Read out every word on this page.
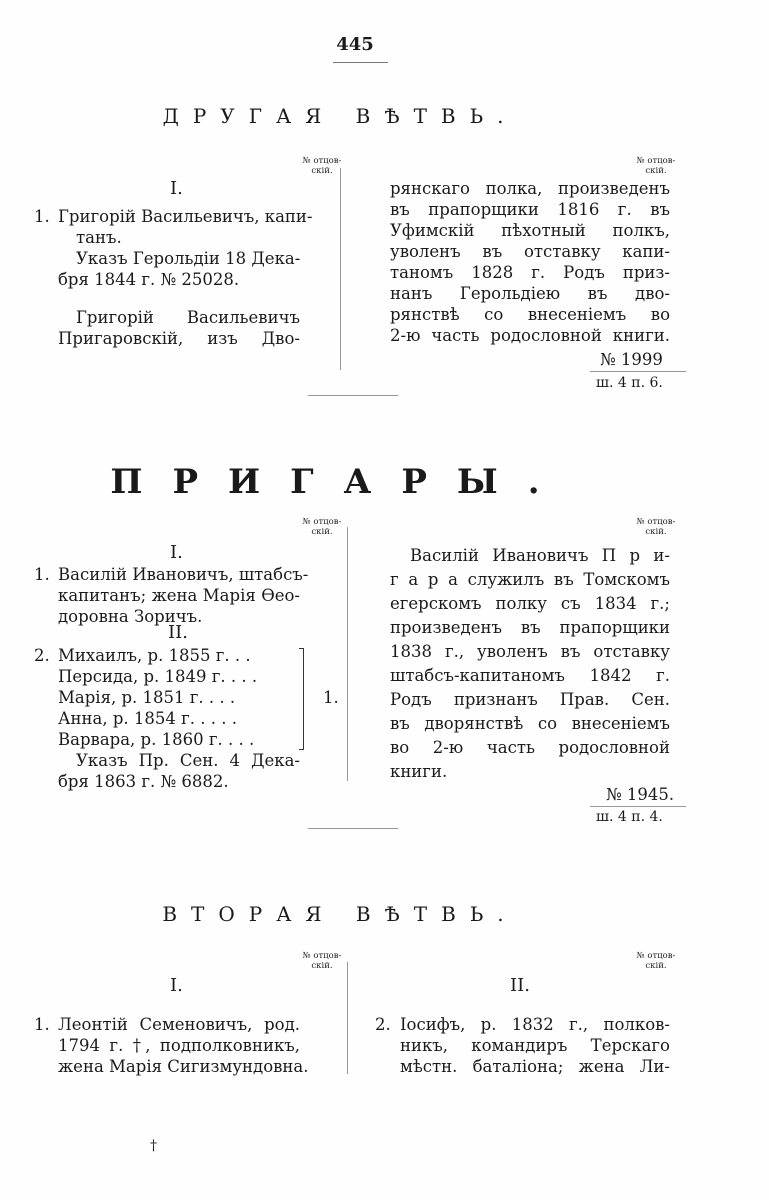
445
ДРУГАЯ ВѢТВЬ.
№ отцов-
скій.
№ отцов-
скій.
I.
1. Григорій Васильевичъ, капи-
танъ.
Указъ Герольдіи 18 Дека-
бря 1844 г. № 25028.
Григорій Васильевичъ
Пригаровскій, изъ Дво-
рянскаго полка, произведенъ
въ прапорщики 1816 г. въ
Уфимскій пѣхотный полкъ,
уволенъ въ отставку капи-
таномъ 1828 г. Родъ приз-
нанъ Герольдіею въ дво-
рянствѣ со внесеніемъ во
2-ю часть родословной книги.
№ 1999
ш. 4 п. 6.
ПРИГАРЫ.
№ отцов-
скій.
№ отцов-
скій.
I.
1. Василій Ивановичъ, штабсъ-
капитанъ; жена Марія Ѳео-
доровна Зоричъ.
II.
2. Михаилъ, р. 1855 г. . .
Персида, р. 1849 г. . . .
Марія, р. 1851 г. . . .
Анна, р. 1854 г. . . . .
Варвара, р. 1860 г. . . .
1.
Указъ Пр. Сен. 4 Дека-
бря 1863 г. № 6882.
Василій Ивановичъ П р и-
г а р а служилъ въ Томскомъ
егерскомъ полку съ 1834 г.;
произведенъ въ прапорщики
1838 г., уволенъ въ отставку
штабсъ-капитаномъ 1842 г.
Родъ признанъ Прав. Сен.
въ дворянствѣ со внесеніемъ
во 2-ю часть родословной
книги.
№ 1945.
ш. 4 п. 4.
ВТОРАЯ ВѢТВЬ.
№ отцов-
скій.
№ отцов-
скій.
I.	II.
1. Леонтій Семеновичъ, род.
1794 г. †, подполковникъ,
жена Марія Сигизмундовна.
2. Іосифъ, р. 1832 г., полков-
никъ, командиръ Терскаго
мѣстн. баталіона; жена Ли-
†
